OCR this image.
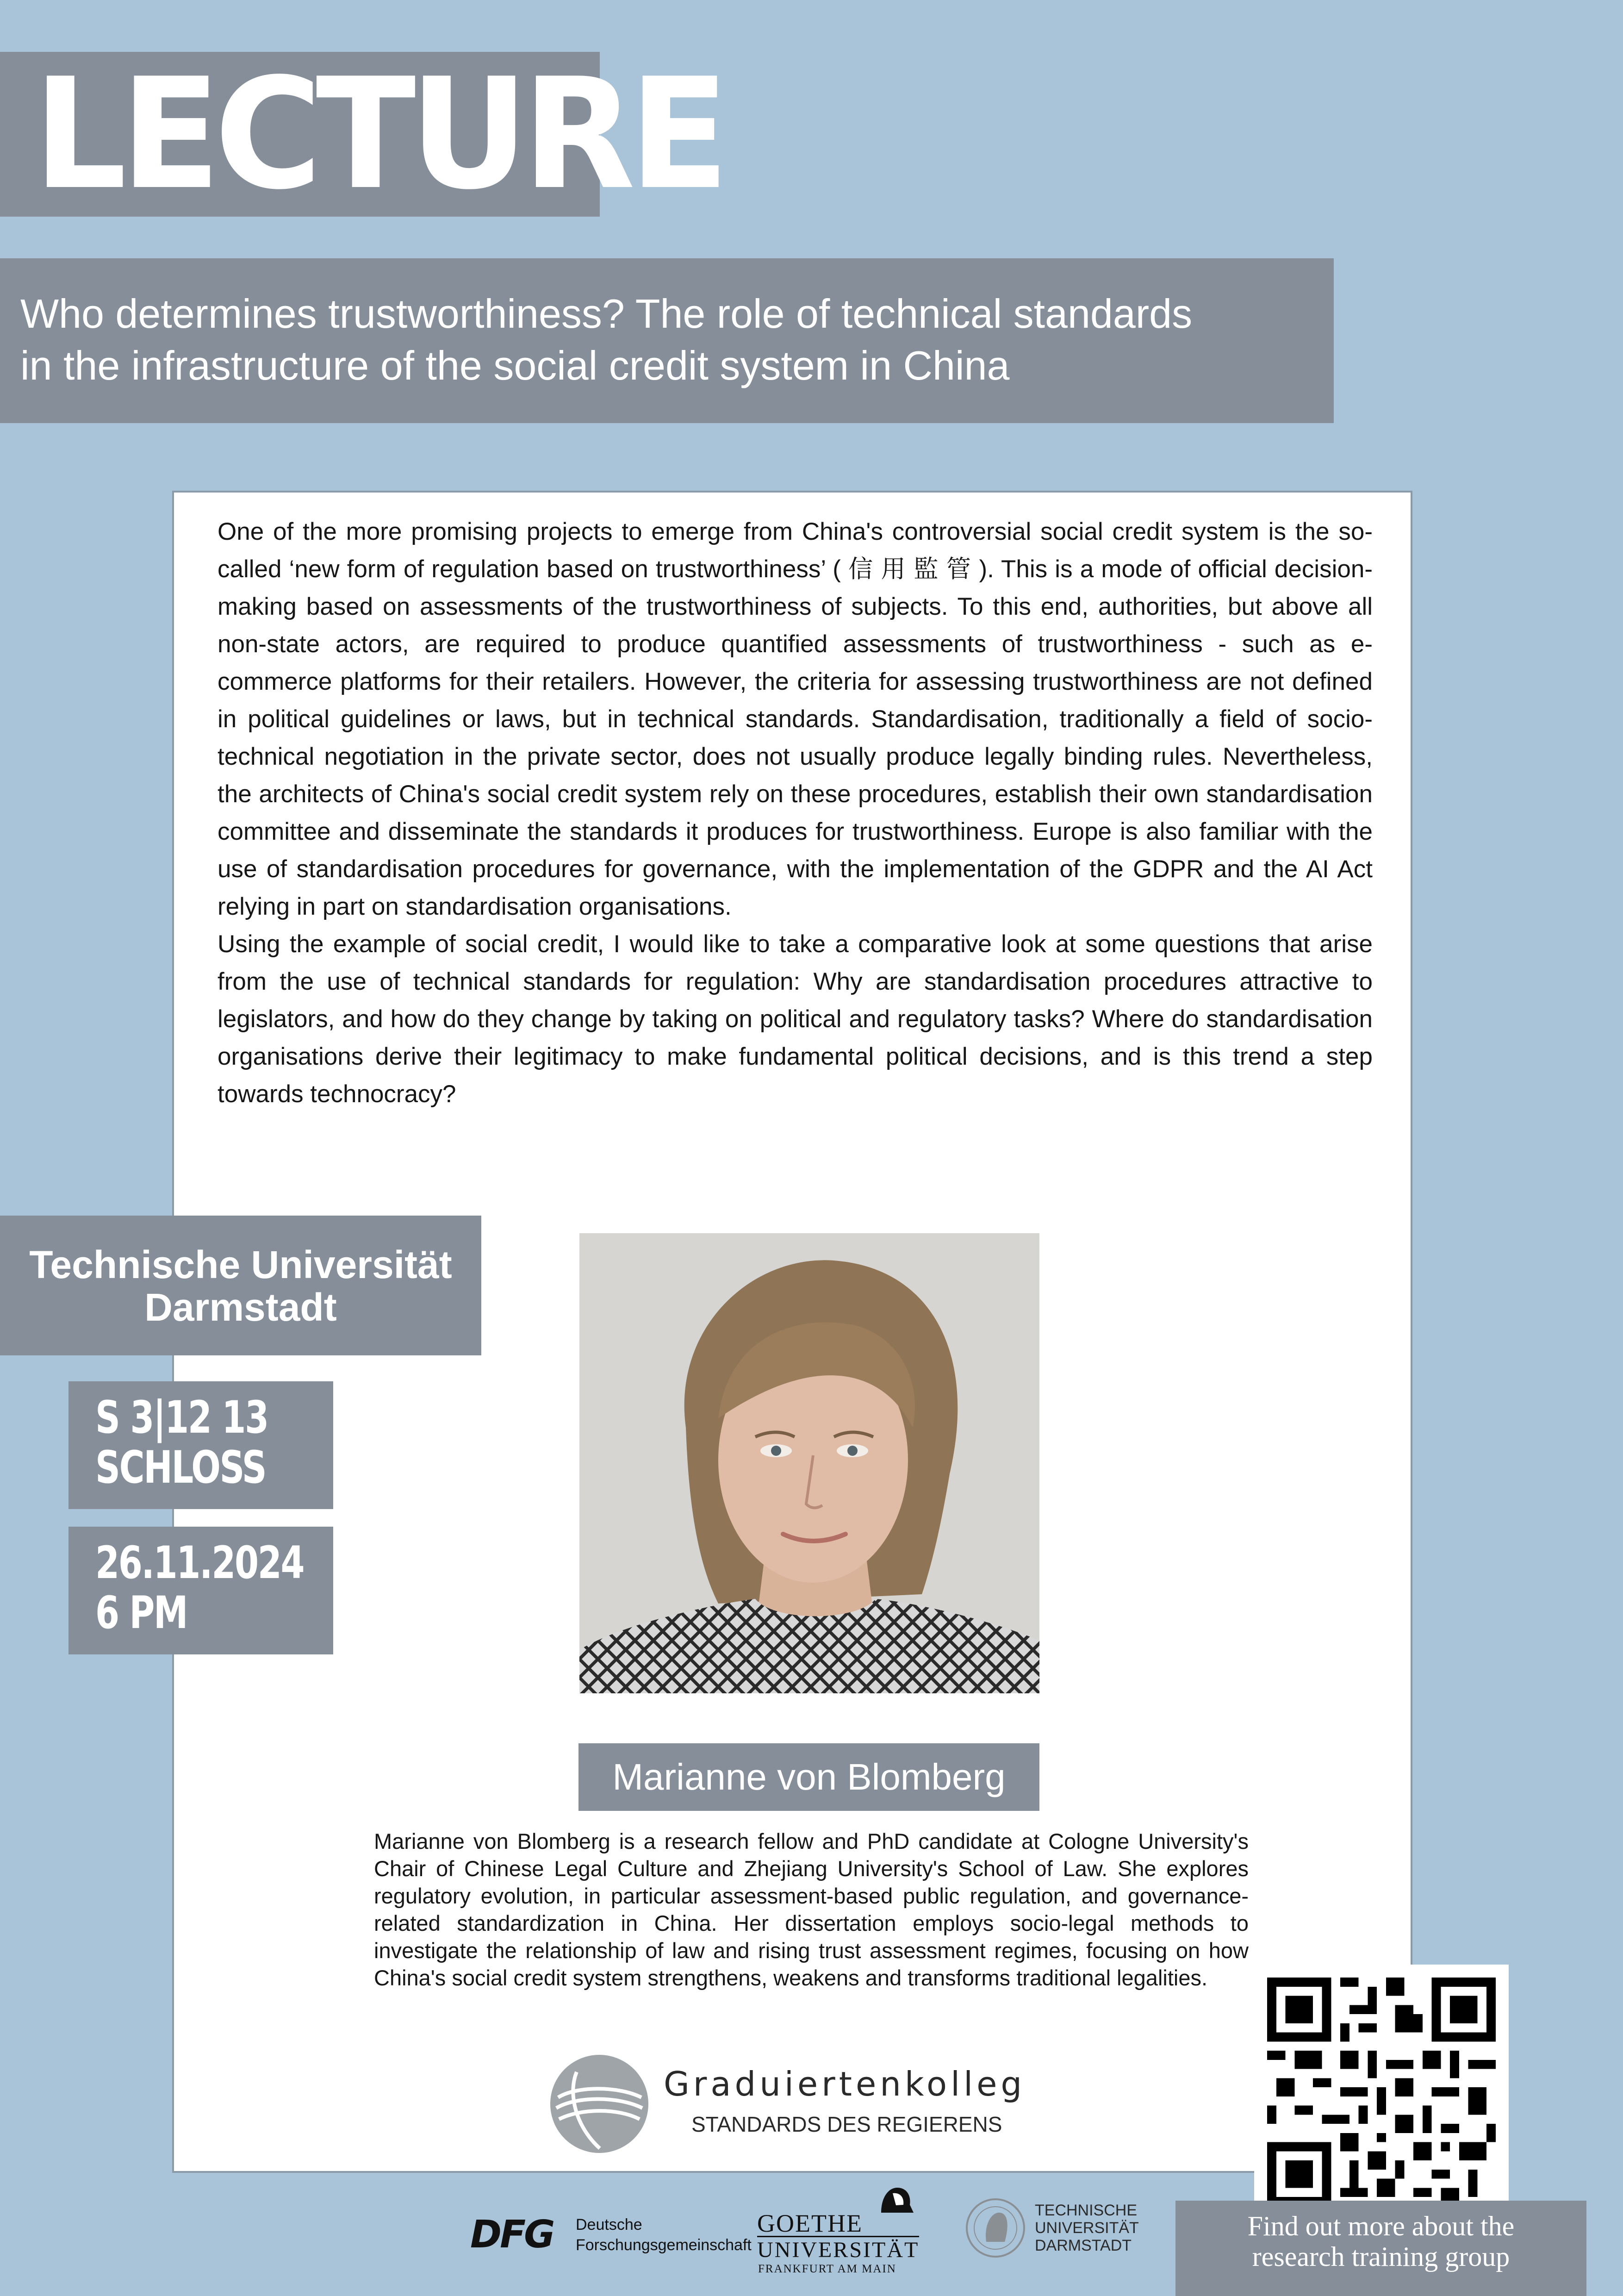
LECTURE
Who determines trustworthiness? The role of technical standards
in the infrastructure of the social credit system in China

One of the more promising projects to emerge from China's controversial social credit system is the so-called ‘new form of regulation based on trustworthiness’ ( 信 用 監 管 ). This is a mode of official decision-making based on assessments of the trustworthiness of subjects. To this end, authorities, but above all non-state actors, are required to produce quantified assessments of trustworthiness - such as e-commerce platforms for their retailers. However, the criteria for assessing trustworthiness are not defined in political guidelines or laws, but in technical standards. Standardisation, traditionally a field of socio-technical negotiation in the private sector, does not usually produce legally binding rules. Nevertheless, the architects of China's social credit system rely on these procedures, establish their own standardisation committee and disseminate the standards it produces for trustworthiness. Europe is also familiar with the use of standardisation procedures for governance, with the implementation of the GDPR and the AI Act relying in part on standardisation organisations.

Using the example of social credit, I would like to take a comparative look at some questions that arise from the use of technical standards for regulation: Why are standardisation procedures attractive to legislators, and how do they change by taking on political and regulatory tasks? Where do standardisation organisations derive their legitimacy to make fundamental political decisions, and is this trend a step towards technocracy?

Technische Universität
Darmstadt
S 3|12 13
SCHLOSS
26.11.2024
6 PM
Marianne von Blomberg

Marianne von Blomberg is a research fellow and PhD candidate at Cologne University's Chair of Chinese Legal Culture and Zhejiang University's School of Law. She explores regulatory evolution, in particular assessment-based public regulation, and governance-related standardization in China. Her dissertation employs socio-legal methods to investigate the relationship of law and rising trust assessment regimes, focusing on how China's social credit system strengthens, weakens and transforms traditional legalities.

Graduiertenkolleg
STANDARDS DES REGIERENS
Find out more about the
research training group
DFG Deutsche
Forschungsgemeinschaft
GOETHE
UNIVERSITÄT
FRANKFURT AM MAIN
TECHNISCHE
UNIVERSITÄT
DARMSTADT
